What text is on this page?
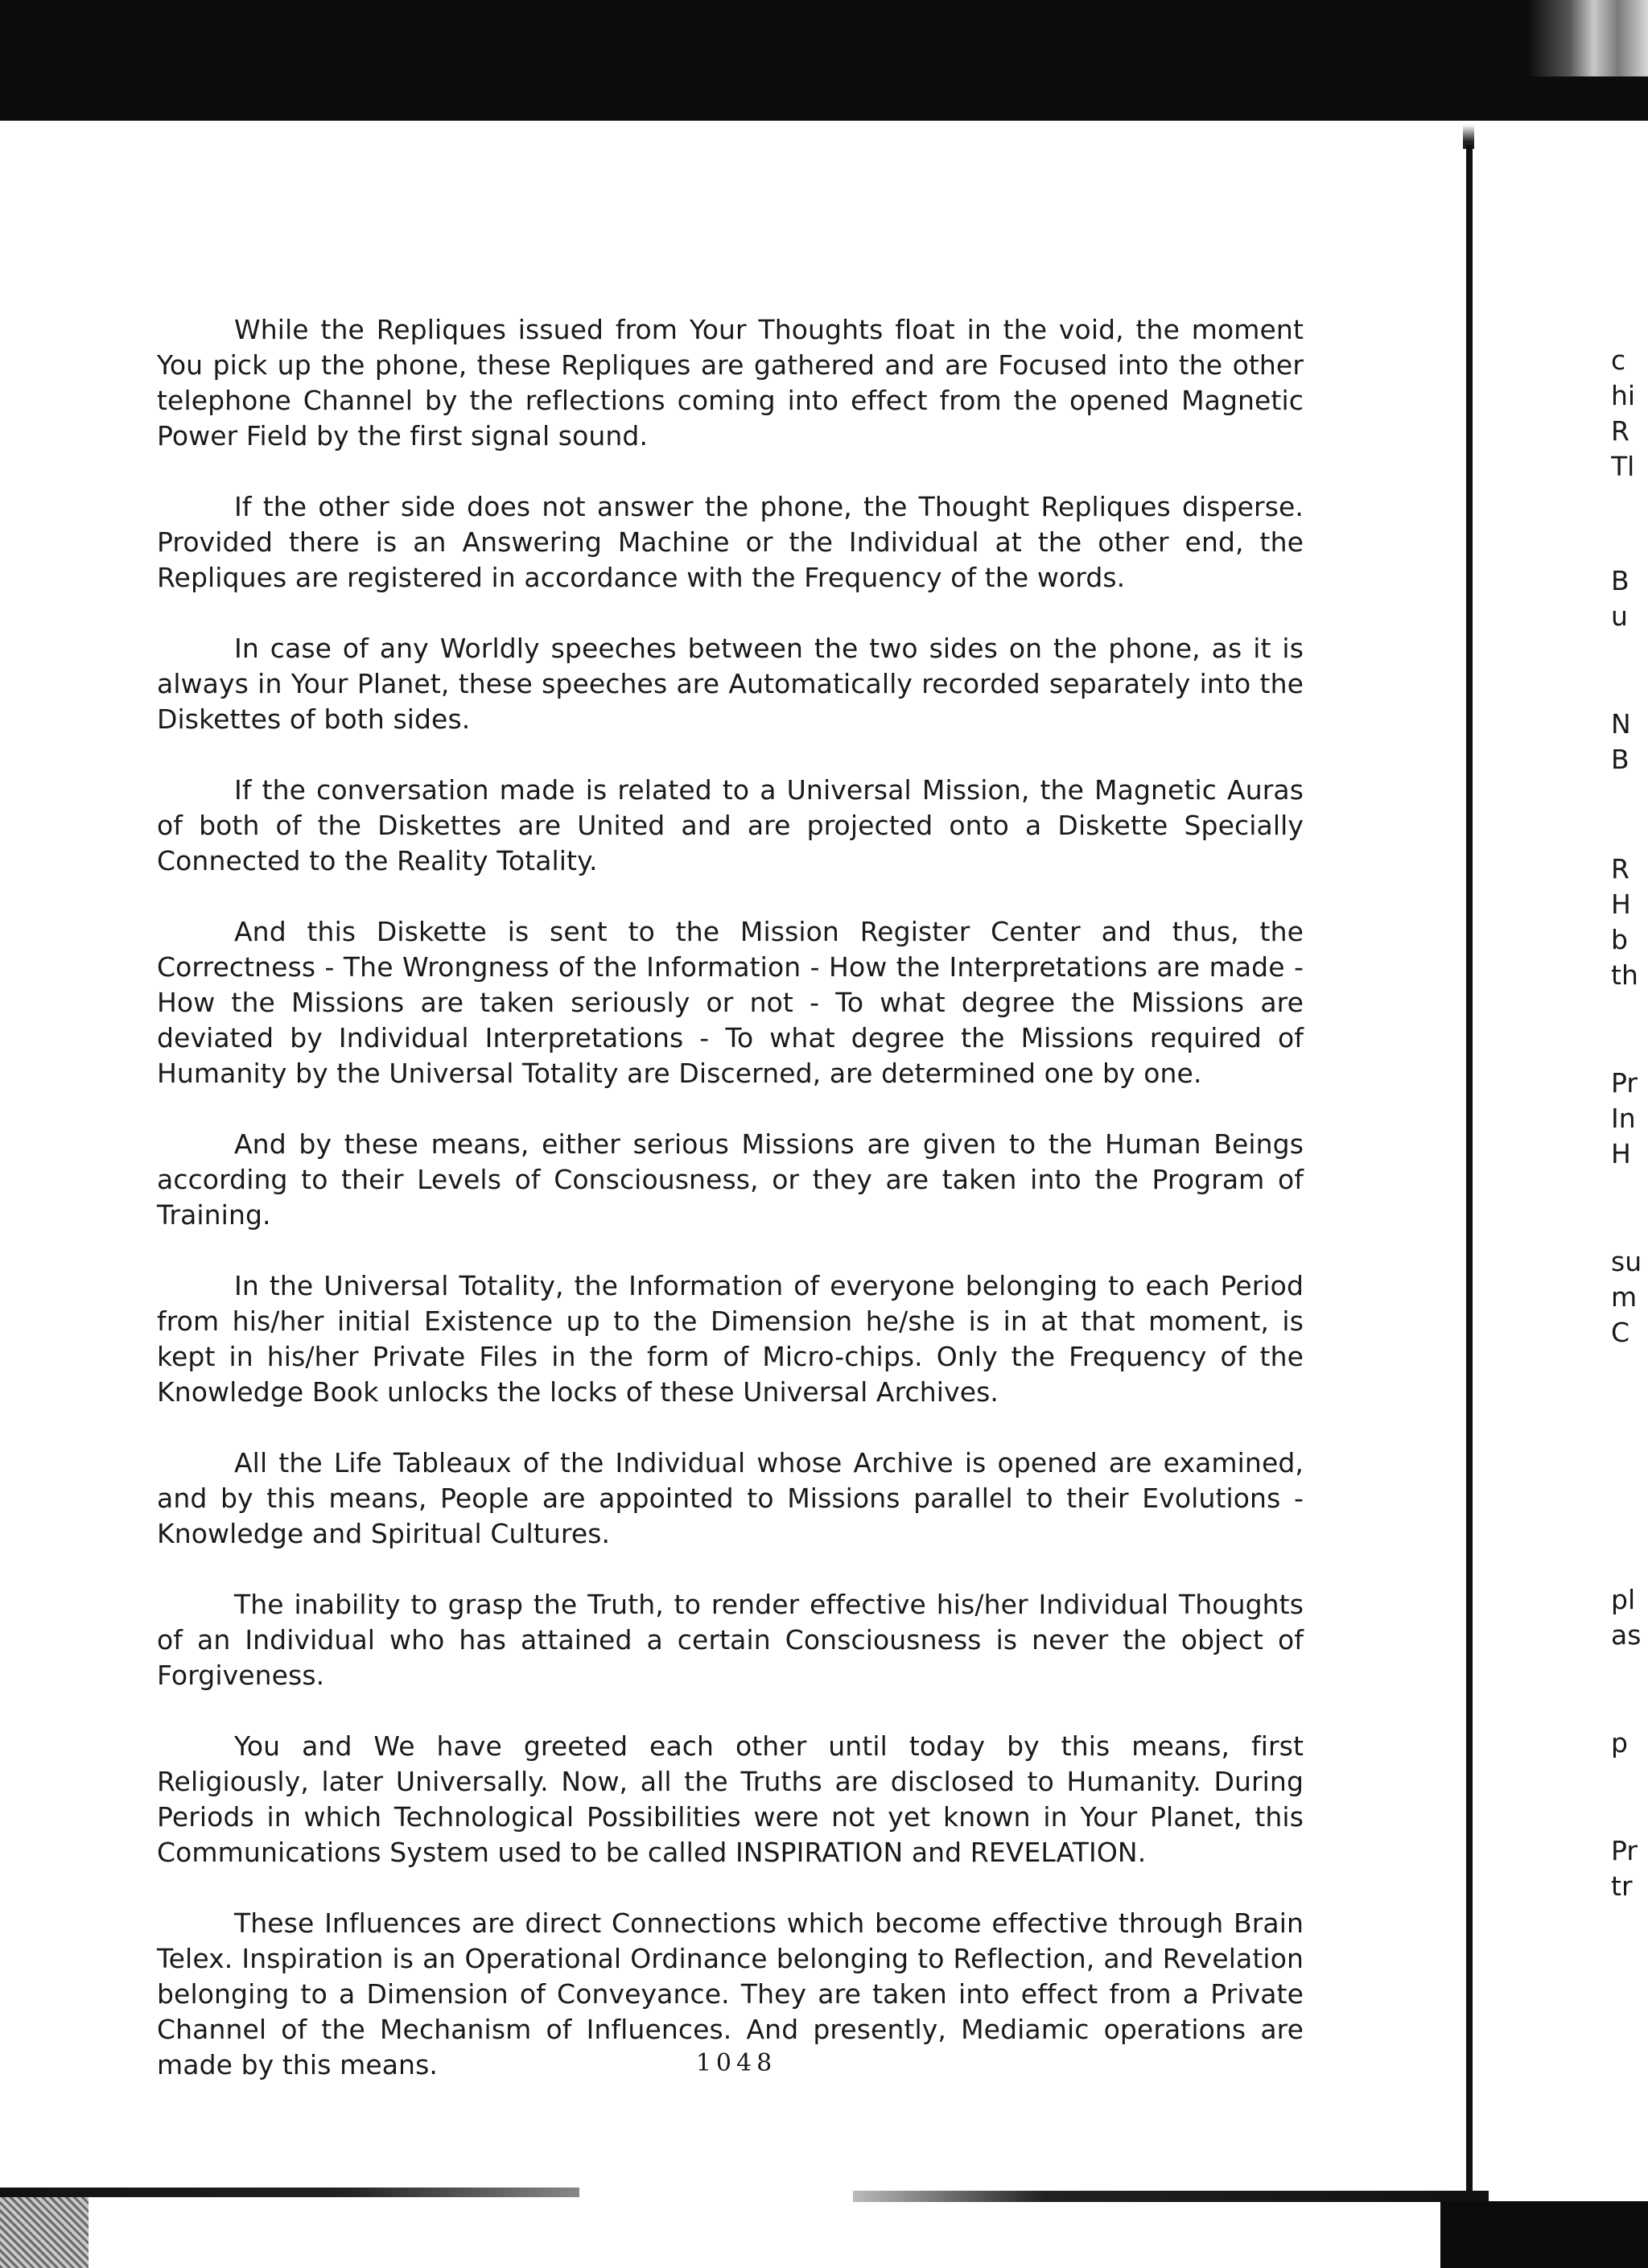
While the Repliques issued from Your Thoughts float in the void, the moment You pick up the phone, these Repliques are gathered and are Focused into the other telephone Channel by the reflections coming into effect from the opened Magnetic Power Field by the first signal sound.

If the other side does not answer the phone, the Thought Repliques disperse. Provided there is an Answering Machine or the Individual at the other end, the Repliques are registered in accordance with the Frequency of the words.

In case of any Worldly speeches between the two sides on the phone, as it is always in Your Planet, these speeches are Automatically recorded separately into the Diskettes of both sides.

If the conversation made is related to a Universal Mission, the Magnetic Auras of both of the Diskettes are United and are projected onto a Diskette Specially Connected to the Reality Totality.

And this Diskette is sent to the Mission Register Center and thus, the Correctness - The Wrongness of the Information - How the Interpretations are made - How the Missions are taken seriously or not - To what degree the Missions are deviated by Individual Interpretations - To what degree the Missions required of Humanity by the Universal Totality are Discerned, are determined one by one.

And by these means, either serious Missions are given to the Human Beings according to their Levels of Consciousness, or they are taken into the Program of Training.

In the Universal Totality, the Information of everyone belonging to each Period from his/her initial Existence up to the Dimension he/she is in at that moment, is kept in his/her Private Files in the form of Micro-chips. Only the Frequency of the Knowledge Book unlocks the locks of these Universal Archives.

All the Life Tableaux of the Individual whose Archive is opened are examined, and by this means, People are appointed to Missions parallel to their Evolutions - Knowledge and Spiritual Cultures.

The inability to grasp the Truth, to render effective his/her Individual Thoughts of an Individual who has attained a certain Consciousness is never the object of Forgiveness.

You and We have greeted each other until today by this means, first Religiously, later Universally. Now, all the Truths are disclosed to Humanity. During Periods in which Technological Possibilities were not yet known in Your Planet, this Communications System used to be called INSPIRATION and REVELATION.

These Influences are direct Connections which become effective through Brain Telex. Inspiration is an Operational Ordinance belonging to Reflection, and Revelation belonging to a Dimension of Conveyance. They are taken into effect from a Private Channel of the Mechanism of Influences. And presently, Mediamic operations are made by this means.	1048
c
hi
R
Tl
B
u
N
B
R
H
b
th
Pr
In
H
su
m
C
pl
as
p
Pr
tr
